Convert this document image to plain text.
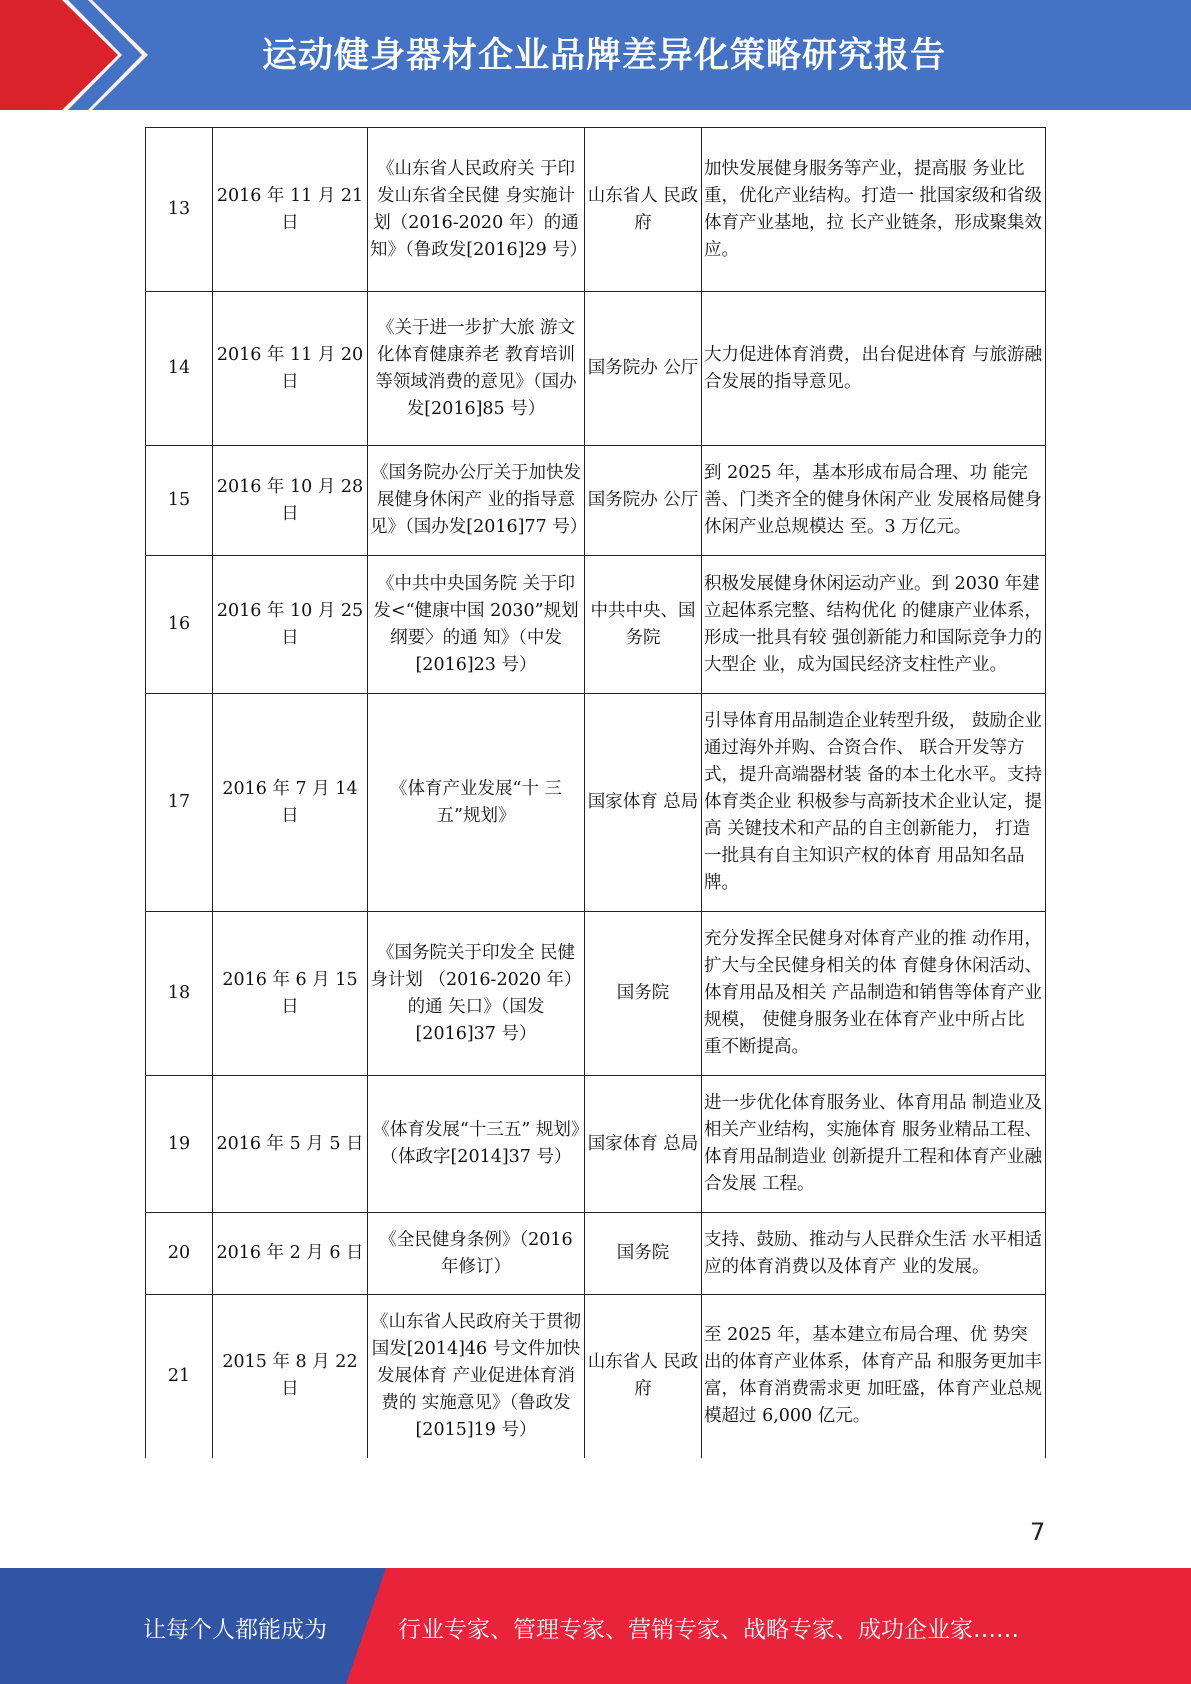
运动健身器材企业品牌差异化策略研究报告
13	2016 年 11 月 21 日	《山东省人民政府关 于印发山东省全民健 身实施计划（2016-2020 年）的通知》（鲁政发[2016]29 号）	山东省人 民政府	加快发展健身服务等产业，提高服 务业比重，优化产业结构。打造一 批国家级和省级体育产业基地，拉 长产业链条，形成聚集效应。
14	2016 年 11 月 20 日	《关于进一步扩大旅 游文化体育健康养老 教育培训等领域消费的意见》（国办发[2016]85 号）	国务院办 公厅	大力促进体育消费，出台促进体育 与旅游融合发展的指导意见。
15	2016 年 10 月 28 日	《国务院办公厅关于加快发展健身休闲产 业的指导意见》（国办发[2016]77 号）	国务院办 公厅	到 2025 年，基本形成布局合理、功 能完善、门类齐全的健身休闲产业 发展格局健身休闲产业总规模达 至。3 万亿元。
16	2016 年 10 月 25 日	《中共中央国务院 关于印发<“健康中国 2030”规划纲要〉的通 知》（中发[2016]23 号）	中共中央、国务院	积极发展健身休闲运动产业。到 2030 年建立起体系完整、结构优化 的健康产业体系，形成一批具有较 强创新能力和国际竞争力的大型企 业，成为国民经济支柱性产业。
17	2016 年 7 月 14 日	《体育产业发展“十 三五”规划》	国家体育 总局	引导体育用品制造企业转型升级， 鼓励企业通过海外并购、合资合作、 联合开发等方式，提升高端器材装 备的本土化水平。支持体育类企业 积极参与高新技术企业认定，提高 关键技术和产品的自主创新能力， 打造一批具有自主知识产权的体育 用品知名品牌。
18	2016 年 6 月 15 日	《国务院关于印发全 民健身计划 （2016-2020 年）的通 矢口》（国发[2016]37 号）	国务院	充分发挥全民健身对体育产业的推 动作用，扩大与全民健身相关的体 育健身休闲活动、体育用品及相关 产品制造和销售等体育产业规模， 使健身服务业在体育产业中所占比 重不断提高。
19	2016 年 5 月 5 日	《体育发展“十三五” 规划》（体政字[2014]37 号）	国家体育 总局	进一步优化体育服务业、体育用品 制造业及相关产业结构，实施体育 服务业精品工程、体育用品制造业 创新提升工程和体育产业融合发展 工程。
20	2016 年 2 月 6 日	《全民健身条例》（2016 年修订）	国务院	支持、鼓励、推动与人民群众生活 水平相适应的体育消费以及体育产 业的发展。
21	2015 年 8 月 22 日	《山东省人民政府关于贯彻国发[2014]46 号文件加快发展体育 产业促进体育消费的 实施意见》（鲁政发[2015]19 号）	山东省人 民政府	至 2025 年，基本建立布局合理、优 势突出的体育产业体系，体育产品 和服务更加丰富，体育消费需求更 加旺盛，体育产业总规模超过 6,000 亿元。
7
让每个人都能成为	行业专家、管理专家、营销专家、战略专家、成功企业家……
